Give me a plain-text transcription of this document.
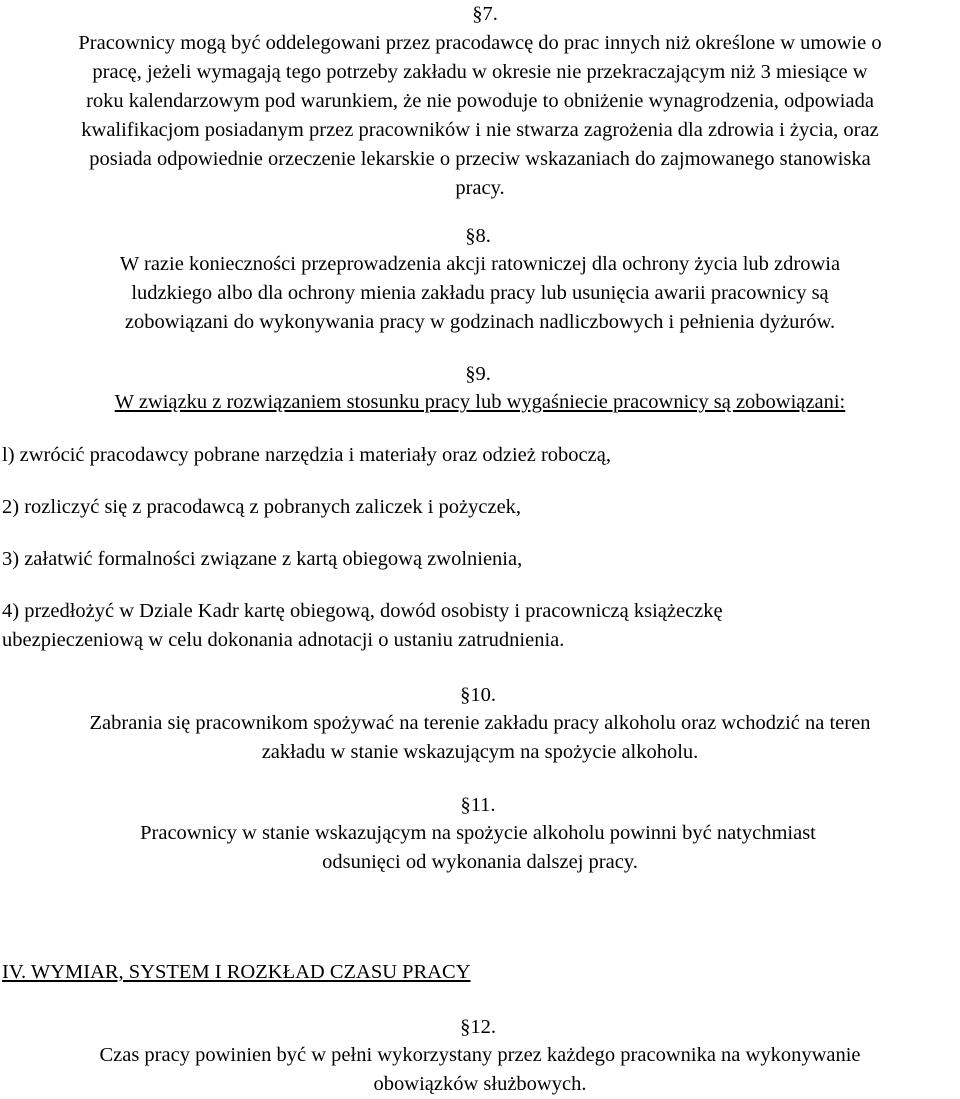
§7.
Pracownicy mogą być oddelegowani przez pracodawcę do prac innych niż określone w umowie o
pracę, jeżeli wymagają tego potrzeby zakładu w okresie nie przekraczającym niż 3 miesiące w
roku kalendarzowym pod warunkiem, że nie powoduje to obniżenie wynagrodzenia, odpowiada
kwalifikacjom posiadanym przez pracowników i nie stwarza zagrożenia dla zdrowia i życia, oraz
posiada odpowiednie orzeczenie lekarskie o przeciw wskazaniach do zajmowanego stanowiska
pracy.
§8.
W razie konieczności przeprowadzenia akcji ratowniczej dla ochrony życia lub zdrowia
ludzkiego albo dla ochrony mienia zakładu pracy lub usunięcia awarii pracownicy są
zobowiązani do wykonywania pracy w godzinach nadliczbowych i pełnienia dyżurów.
§9.
W związku z rozwiązaniem stosunku pracy lub wygaśniecie pracownicy są zobowiązani:
l) zwrócić pracodawcy pobrane narzędzia i materiały oraz odzież roboczą,
2) rozliczyć się z pracodawcą z pobranych zaliczek i pożyczek,
3) załatwić formalności związane z kartą obiegową zwolnienia,
4) przedłożyć w Dziale Kadr kartę obiegową, dowód osobisty i pracowniczą książeczkę
ubezpieczeniową w celu dokonania adnotacji o ustaniu zatrudnienia.
§10.
Zabrania się pracownikom spożywać na terenie zakładu pracy alkoholu oraz wchodzić na teren
zakładu w stanie wskazującym na spożycie alkoholu.
§11.
Pracownicy w stanie wskazującym na spożycie alkoholu powinni być natychmiast
odsunięci od wykonania dalszej pracy.
IV. WYMIAR, SYSTEM I ROZKŁAD CZASU PRACY
§12.
Czas pracy powinien być w pełni wykorzystany przez każdego pracownika na wykonywanie
obowiązków służbowych.
